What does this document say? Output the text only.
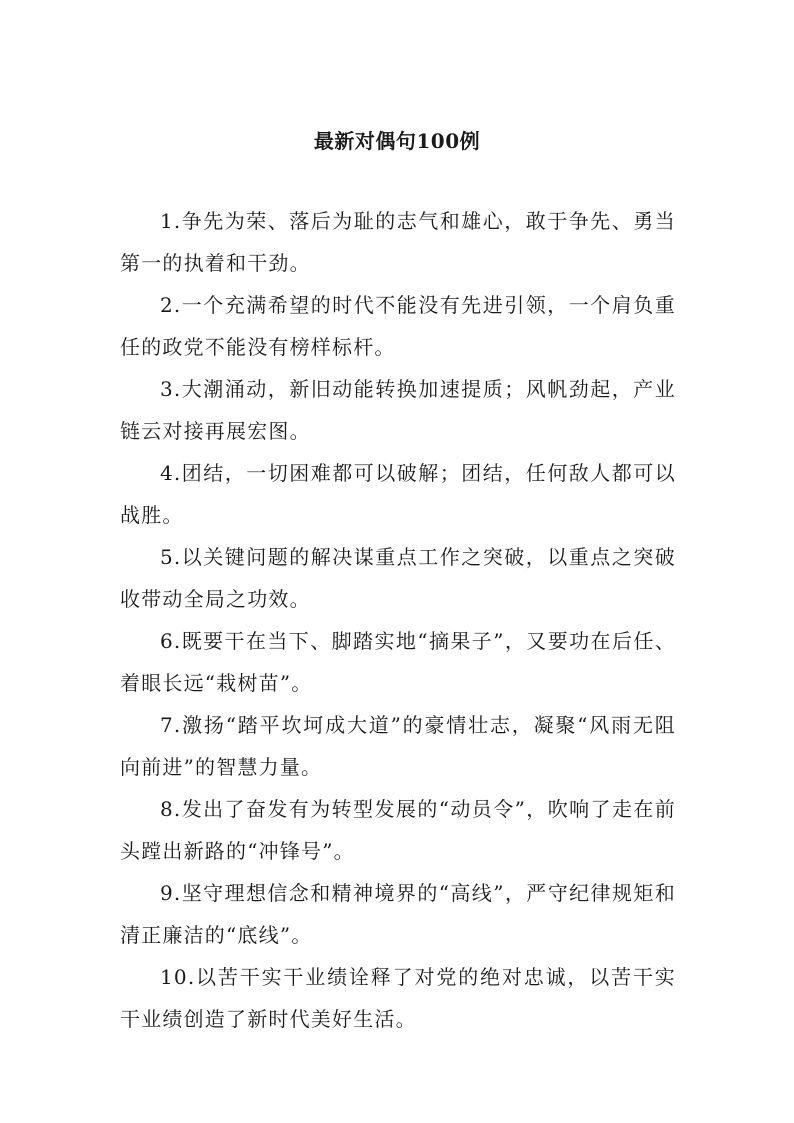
最新对偶句100例

1.争先为荣、落后为耻的志气和雄心，敢于争先、勇当第一的执着和干劲。

2.一个充满希望的时代不能没有先进引领，一个肩负重任的政党不能没有榜样标杆。

3.大潮涌动，新旧动能转换加速提质；风帆劲起，产业链云对接再展宏图。

4.团结，一切困难都可以破解；团结，任何敌人都可以战胜。

5.以关键问题的解决谋重点工作之突破，以重点之突破收带动全局之功效。

6.既要干在当下、脚踏实地“摘果子”，又要功在后任、着眼长远“栽树苗”。

7.激扬“踏平坎坷成大道”的豪情壮志，凝聚“风雨无阻向前进”的智慧力量。

8.发出了奋发有为转型发展的“动员令”，吹响了走在前头蹚出新路的“冲锋号”。

9.坚守理想信念和精神境界的“高线”，严守纪律规矩和清正廉洁的“底线”。

10.以苦干实干业绩诠释了对党的绝对忠诚，以苦干实干业绩创造了新时代美好生活。
